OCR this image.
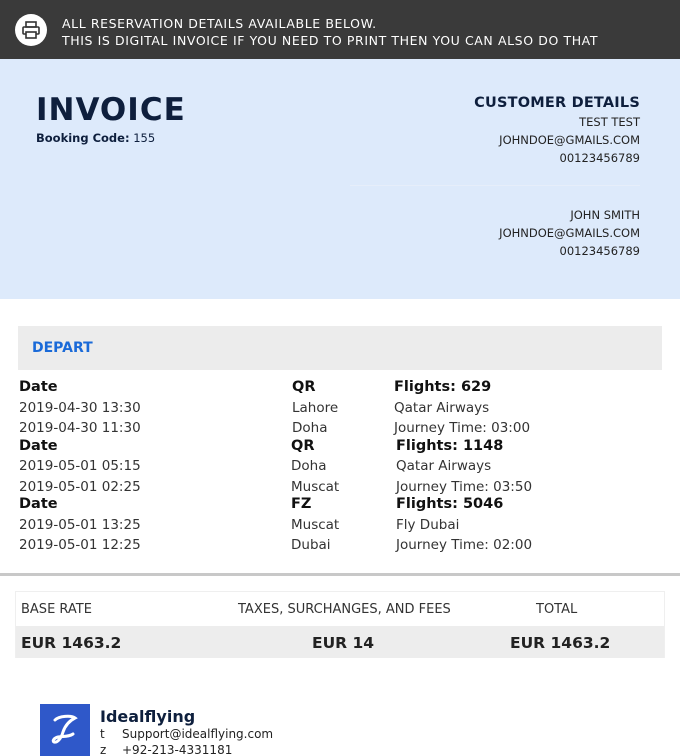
ALL RESERVATION DETAILS AVAILABLE BELOW.
THIS IS DIGITAL INVOICE IF YOU NEED TO PRINT THEN YOU CAN ALSO DO THAT
INVOICE
Booking Code: 155
CUSTOMER DETAILS
TEST TEST
JOHNDOE@GMAILS.COM
00123456789
JOHN SMITH
JOHNDOE@GMAILS.COM
00123456789
DEPART
Date	QR	Flights: 629
2019-04-30 13:30	Lahore	Qatar Airways
2019-04-30 11:30	Doha	Journey Time: 03:00
Date	QR	Flights: 1148
2019-05-01 05:15	Doha	Qatar Airways
2019-05-01 02:25	Muscat	Journey Time: 03:50
Date	FZ	Flights: 5046
2019-05-01 13:25	Muscat	Fly Dubai
2019-05-01 12:25	Dubai	Journey Time: 02:00
BASE RATE	TAXES, SURCHANGES, AND FEES	TOTAL
EUR 1463.2	EUR 14	EUR 1463.2
Idealflying
t Support@idealflying.com
z +92-213-4331181
